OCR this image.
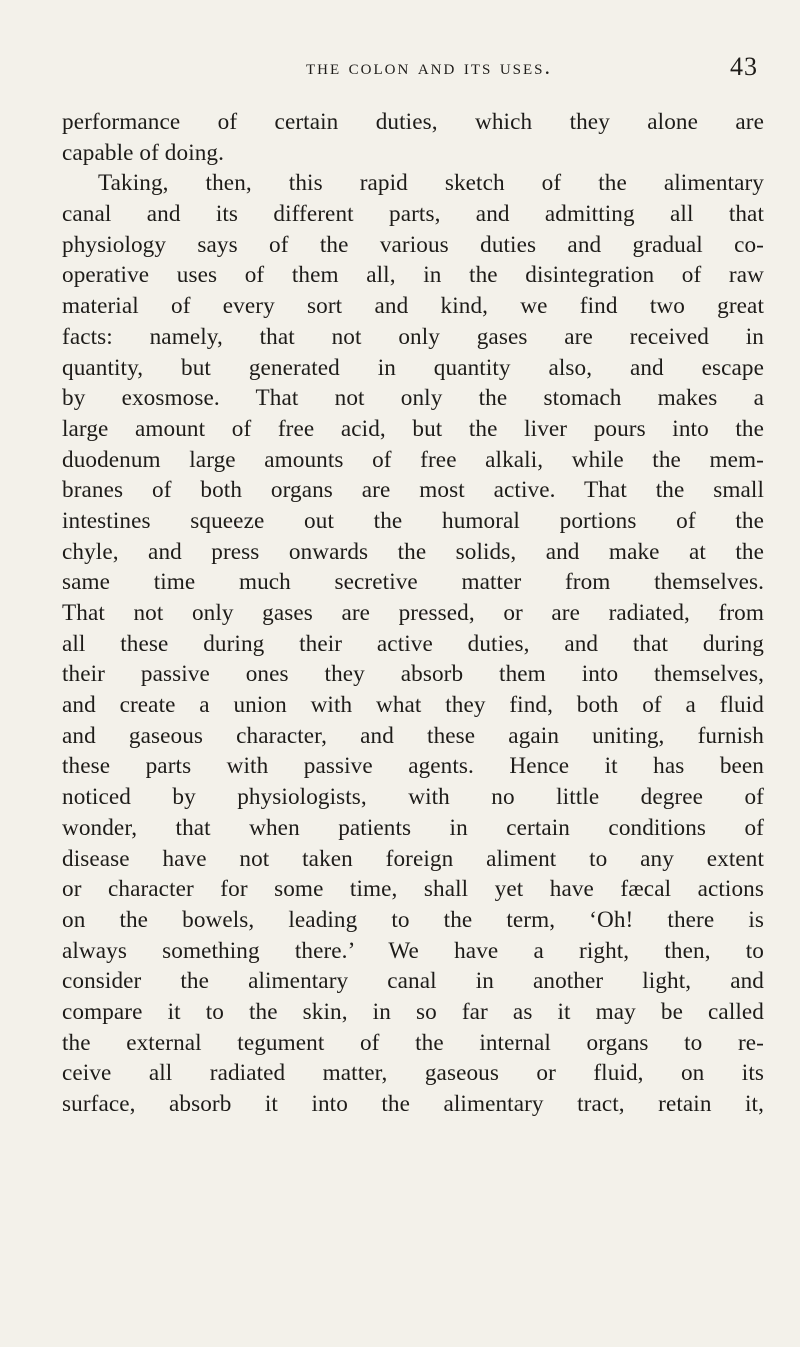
the colon and its uses.	43
performance of certain duties, which they alone are
capable of doing.
Taking, then, this rapid sketch of the alimentary
canal and its different parts, and admitting all that
physiology says of the various duties and gradual co-
operative uses of them all, in the disintegration of raw
material of every sort and kind, we find two great
facts: namely, that not only gases are received in
quantity, but generated in quantity also, and escape
by exosmose. That not only the stomach makes a
large amount of free acid, but the liver pours into the
duodenum large amounts of free alkali, while the mem-
branes of both organs are most active. That the small
intestines squeeze out the humoral portions of the
chyle, and press onwards the solids, and make at the
same time much secretive matter from themselves.
That not only gases are pressed, or are radiated, from
all these during their active duties, and that during
their passive ones they absorb them into themselves,
and create a union with what they find, both of a fluid
and gaseous character, and these again uniting, furnish
these parts with passive agents. Hence it has been
noticed by physiologists, with no little degree of
wonder, that when patients in certain conditions of
disease have not taken foreign aliment to any extent
or character for some time, shall yet have fæcal actions
on the bowels, leading to the term, ‘Oh! there is
always something there.’ We have a right, then, to
consider the alimentary canal in another light, and
compare it to the skin, in so far as it may be called
the external tegument of the internal organs to re-
ceive all radiated matter, gaseous or fluid, on its
surface, absorb it into the alimentary tract, retain it,
